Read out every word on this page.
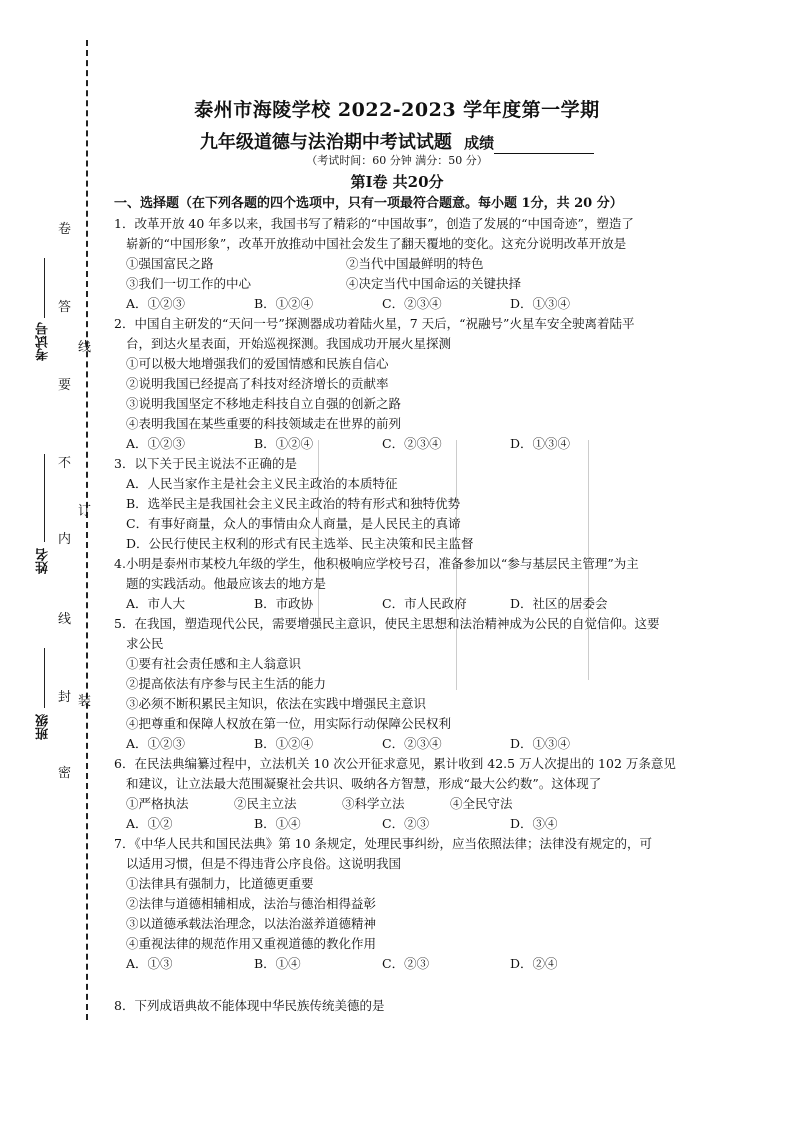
考试号
姓名
班级
卷
答
要
不
内
线
封
密
线
订
装
泰州市海陵学校 2022-2023 学年度第一学期
九年级道德与法治期中考试试题 成绩
（考试时间：60 分钟 满分：50 分）
第Ⅰ卷 共20分
一、选择题（在下列各题的四个选项中，只有一项最符合题意。每小题 1分，共 20 分）
1．改革开放 40 年多以来，我国书写了精彩的“中国故事”，创造了发展的“中国奇迹”，塑造了
崭新的“中国形象”，改革开放推动中国社会发生了翻天覆地的变化。这充分说明改革开放是
①强国富民之路	②当代中国最鲜明的特色
③我们一切工作的中心	④决定当代中国命运的关键抉择
A．①②③	B．①②④	C．②③④	D．①③④
2．中国自主研发的“天问一号”探测器成功着陆火星，7 天后，“祝融号”火星车安全驶离着陆平
台，到达火星表面，开始巡视探测。我国成功开展火星探测
①可以极大地增强我们的爱国情感和民族自信心
②说明我国已经提高了科技对经济增长的贡献率
③说明我国坚定不移地走科技自立自强的创新之路
④表明我国在某些重要的科技领域走在世界的前列
A．①②③	B．①②④	C．②③④	D．①③④
3．以下关于民主说法不正确的是
A．人民当家作主是社会主义民主政治的本质特征
B．选举民主是我国社会主义民主政治的特有形式和独特优势
C．有事好商量，众人的事情由众人商量，是人民民主的真谛
D．公民行使民主权利的形式有民主选举、民主决策和民主监督
4.小明是泰州市某校九年级的学生，他积极响应学校号召，准备参加以“参与基层民主管理”为主
题的实践活动。他最应该去的地方是
A．市人大	B．市政协	C．市人民政府	D．社区的居委会
5．在我国，塑造现代公民，需要增强民主意识，使民主思想和法治精神成为公民的自觉信仰。这要
求公民
①要有社会责任感和主人翁意识
②提高依法有序参与民主生活的能力
③必须不断积累民主知识，依法在实践中增强民主意识
④把尊重和保障人权放在第一位，用实际行动保障公民权利
A．①②③	B．①②④	C．②③④	D．①③④
6．在民法典编纂过程中，立法机关 10 次公开征求意见，累计收到 42.5 万人次提出的 102 万条意见
和建议，让立法最大范围凝聚社会共识、吸纳各方智慧，形成“最大公约数”。这体现了
①严格执法	②民主立法	③科学立法	④全民守法
A．①②	B．①④	C．②③	D．③④
7．《中华人民共和国民法典》第 10 条规定，处理民事纠纷，应当依照法律；法律没有规定的，可
以适用习惯，但是不得违背公序良俗。这说明我国
①法律具有强制力，比道德更重要
②法律与道德相辅相成，法治与德治相得益彰
③以道德承载法治理念，以法治滋养道德精神
④重视法律的规范作用又重视道德的教化作用
A．①③	B．①④	C．②③	D．②④
8．下列成语典故不能体现中华民族传统美德的是
